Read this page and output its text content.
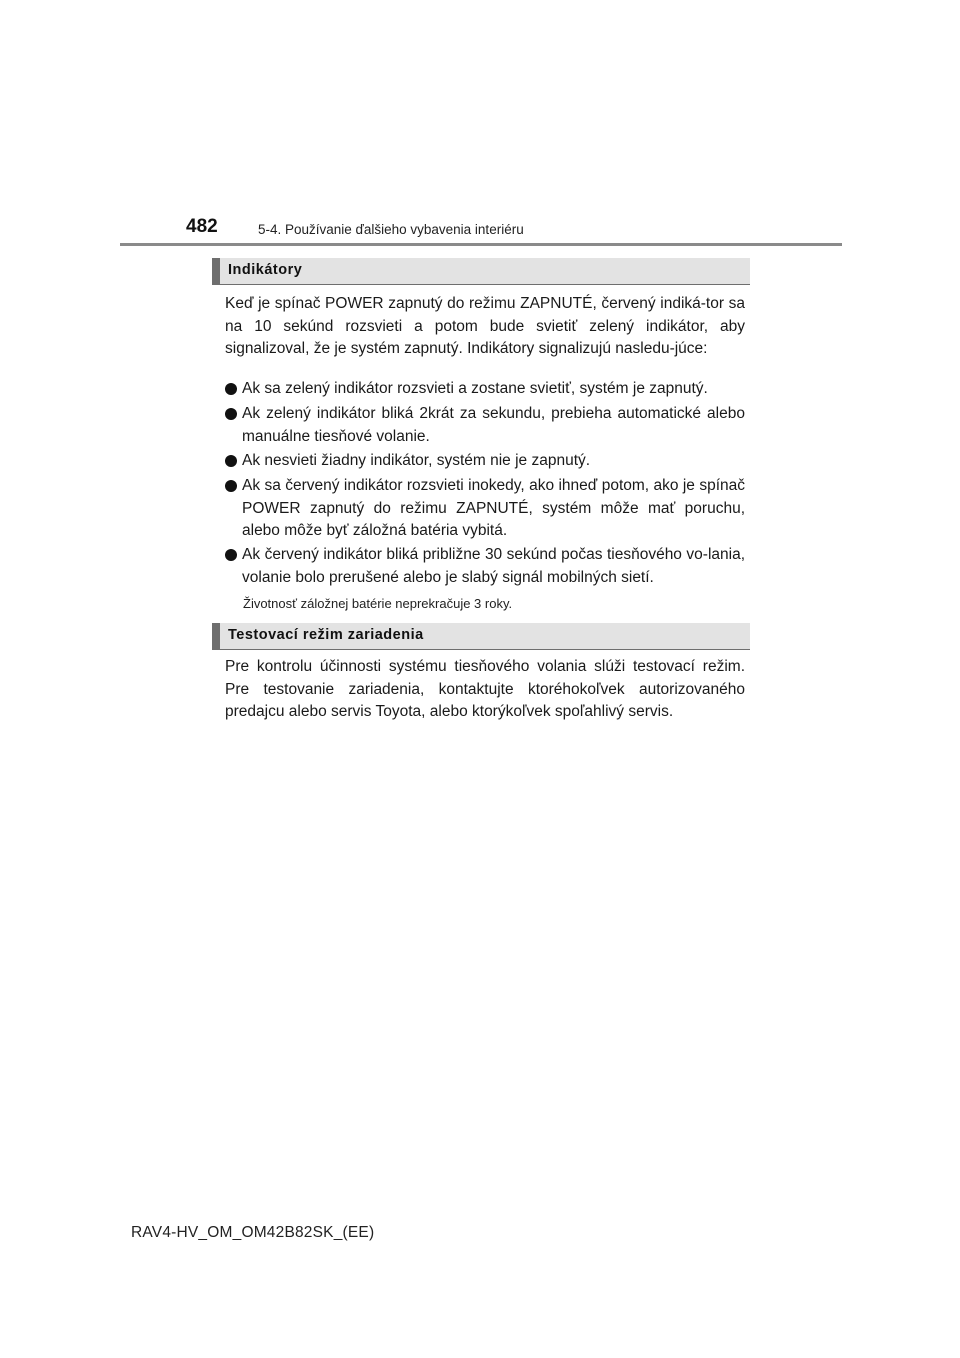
482	5-4. Používanie ďalšieho vybavenia interiéru
Indikátory

Keď je spínač POWER zapnutý do režimu ZAPNUTÉ, červený indiká-tor sa na 10 sekúnd rozsvieti a potom bude svietiť zelený indikátor, aby signalizoval, že je systém zapnutý. Indikátory signalizujú nasledu-júce:

Ak sa zelený indikátor rozsvieti a zostane svietiť, systém je zapnutý.
Ak zelený indikátor bliká 2krát za sekundu, prebieha automatické alebo manuálne tiesňové volanie.
Ak nesvieti žiadny indikátor, systém nie je zapnutý.
Ak sa červený indikátor rozsvieti inokedy, ako ihneď potom, ako je spínač POWER zapnutý do režimu ZAPNUTÉ, systém môže mať poruchu, alebo môže byť záložná batéria vybitá.
Ak červený indikátor bliká približne 30 sekúnd počas tiesňového vo-lania, volanie bolo prerušené alebo je slabý signál mobilných sietí.
Životnosť záložnej batérie neprekračuje 3 roky.
Testovací režim zariadenia

Pre kontrolu účinnosti systému tiesňového volania slúži testovací režim. Pre testovanie zariadenia, kontaktujte ktoréhokoľvek autorizovaného predajcu alebo servis Toyota, alebo ktorýkoľvek spoľahlivý servis.

RAV4-HV_OM_OM42B82SK_(EE)
